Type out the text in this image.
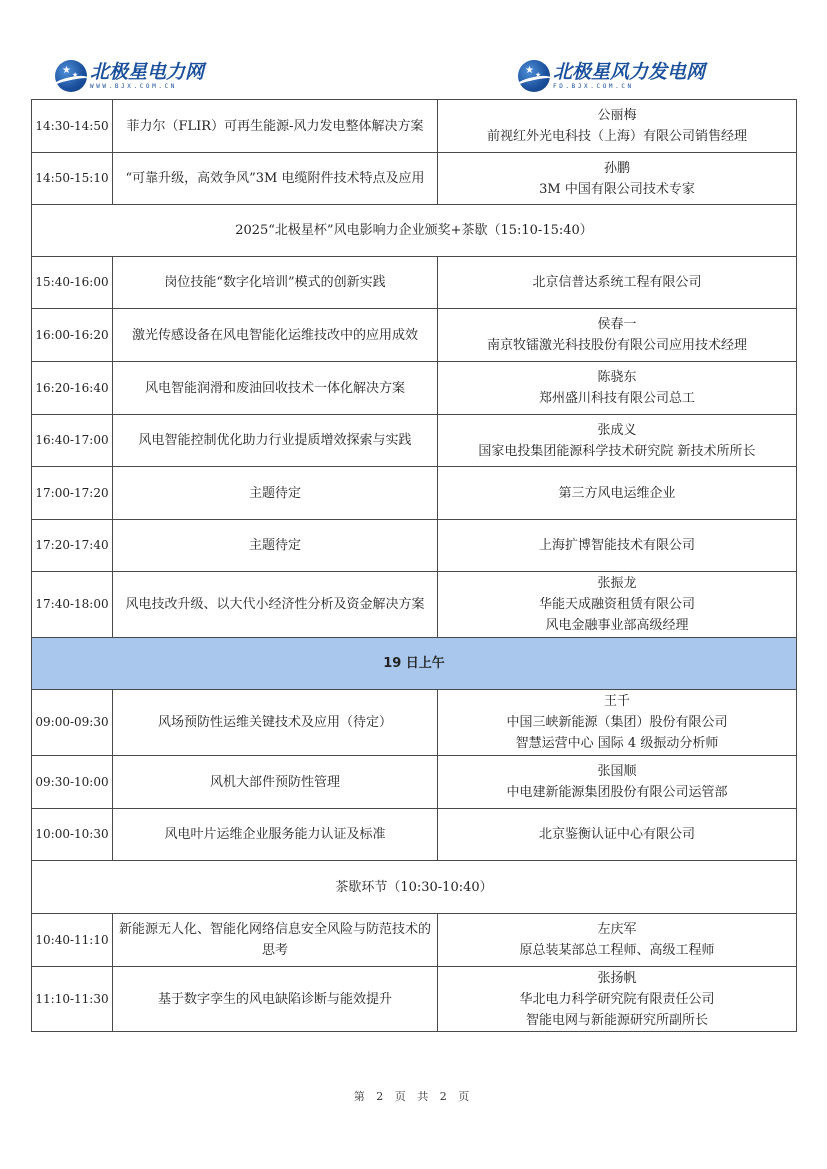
★ ★ 北极星电力网
WWW.BJX.COM.CN
★ ★ 北极星风力发电网
FD.BJX.COM.CN
14:30-14:50	菲力尔（FLIR）可再生能源-风力发电整体解决方案	公丽梅
前视红外光电科技（上海）有限公司销售经理

14:50-15:10	“可靠升级，高效争风”3M 电缆附件技术特点及应用	孙鹏
3M 中国有限公司技术专家

2025“北极星杯”风电影响力企业颁奖+茶歇（15:10-15:40）		
15:40-16:00	岗位技能“数字化培训”模式的创新实践	北京信普达系统工程有限公司

16:00-16:20	激光传感设备在风电智能化运维技改中的应用成效	侯春一
南京牧镭激光科技股份有限公司应用技术经理

16:20-16:40	风电智能润滑和废油回收技术一体化解决方案	陈骁东
郑州盛川科技有限公司总工

16:40-17:00	风电智能控制优化助力行业提质增效探索与实践	张成义
国家电投集团能源科学技术研究院 新技术所所长

17:00-17:20	主题待定	第三方风电运维企业

17:20-17:40	主题待定	上海扩博智能技术有限公司

17:40-18:00	风电技改升级、以大代小经济性分析及资金解决方案	张振龙
华能天成融资租赁有限公司
风电金融事业部高级经理

19 日上午		
09:00-09:30	风场预防性运维关键技术及应用（待定）	王千
中国三峡新能源（集团）股份有限公司
智慧运营中心 国际 4 级振动分析师

09:30-10:00	风机大部件预防性管理	张国顺
中电建新能源集团股份有限公司运管部

10:00-10:30	风电叶片运维企业服务能力认证及标准	北京鉴衡认证中心有限公司

茶歇环节（10:30-10:40）		
10:40-11:10	新能源无人化、智能化网络信息安全风险与防范技术的思考	左庆军
原总装某部总工程师、高级工程师

11:10-11:30	基于数字孪生的风电缺陷诊断与能效提升	张扬帆
华北电力科学研究院有限责任公司
智能电网与新能源研究所副所长
第 2 页 共 2 页
